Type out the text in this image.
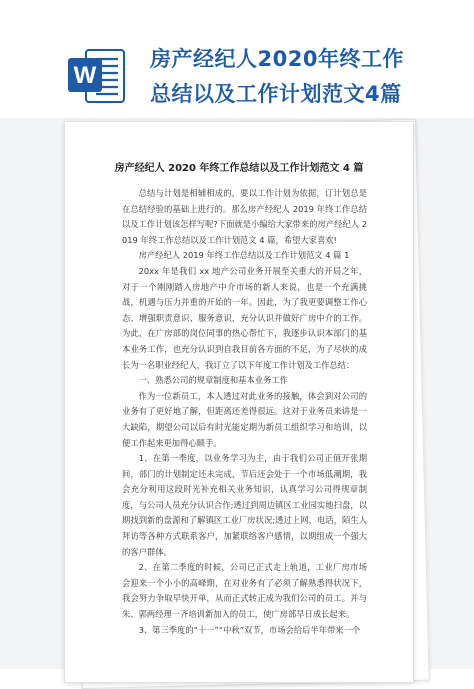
W
房产经纪人2020年终工作
总结以及工作计划范文4篇
房产经纪人 2020 年终工作总结以及工作计划范文 4 篇

总结与计划是相辅相成的，要以工作计划为依据，订计划总是在总结经验的基础上进行的。那么房产经纪人 2019 年终工作总结以及工作计划该怎样写呢?下面就是小编给大家带来的房产经纪人 2019 年终工作总结以及工作计划范文 4 篇，希望大家喜欢!

房产经纪人 2019 年终工作总结以及工作计划范文 4 篇 1

20xx 年是我们 xx 地产公司业务开展至关重大的开局之年，对于一个刚刚踏入房地产中介市场的新人来说，也是一个充满挑战，机遇与压力并重的开始的一年。因此，为了我更要调整工作心态、增强职责意识、服务意识，充分认识并做好广房中介的工作。为此，在广房部的岗位同事的热心帮忙下，我逐步认识本部门的基本业务工作，也充分认识到自我目前各方面的不足，为了尽快的成长为一名职业经纪人，我订立了以下年度工作计划及工作总结：

一、熟悉公司的规章制度和基本业务工作

作为一位新员工，本人透过对此业务的接触，体会到对公司的业务有了更好地了解，但距离还差得很远。这对于业务员来讲是一大缺陷，期望公司以后有时光能定期为新员工组织学习和培训，以便工作起来更加得心顺手。

1、在第一季度，以业务学习为主，由于我们公司正值开张期间，部门的计划制定还未完成，节后还会处于一个市场低潮期，我会充分利用这段时光补充相关业务知识，认真学习公司得规章制度，与公司人员充分认识合作;透过到周边镇区工业园实地扫盘，以期找到新的盘源和了解镇区工业厂房状况;透过上网，电话，陌生人拜访等各种方式联系客户，加紧联络客户感情，以期组成一个强大的客户群体。

2、在第二季度的时候，公司已正式走上轨道，工业厂房市场会迎来一个小小的高峰期，在对业务有了必须了解熟悉得状况下，我会努力争取早快开单，从而正式转正成为我们公司的员工。并与朱、郭两经理一齐培训新加入的员工，使广房部早日成长起来。

3、第三季度的“十一”“中秋”双节，市场会给后半年带来一个
